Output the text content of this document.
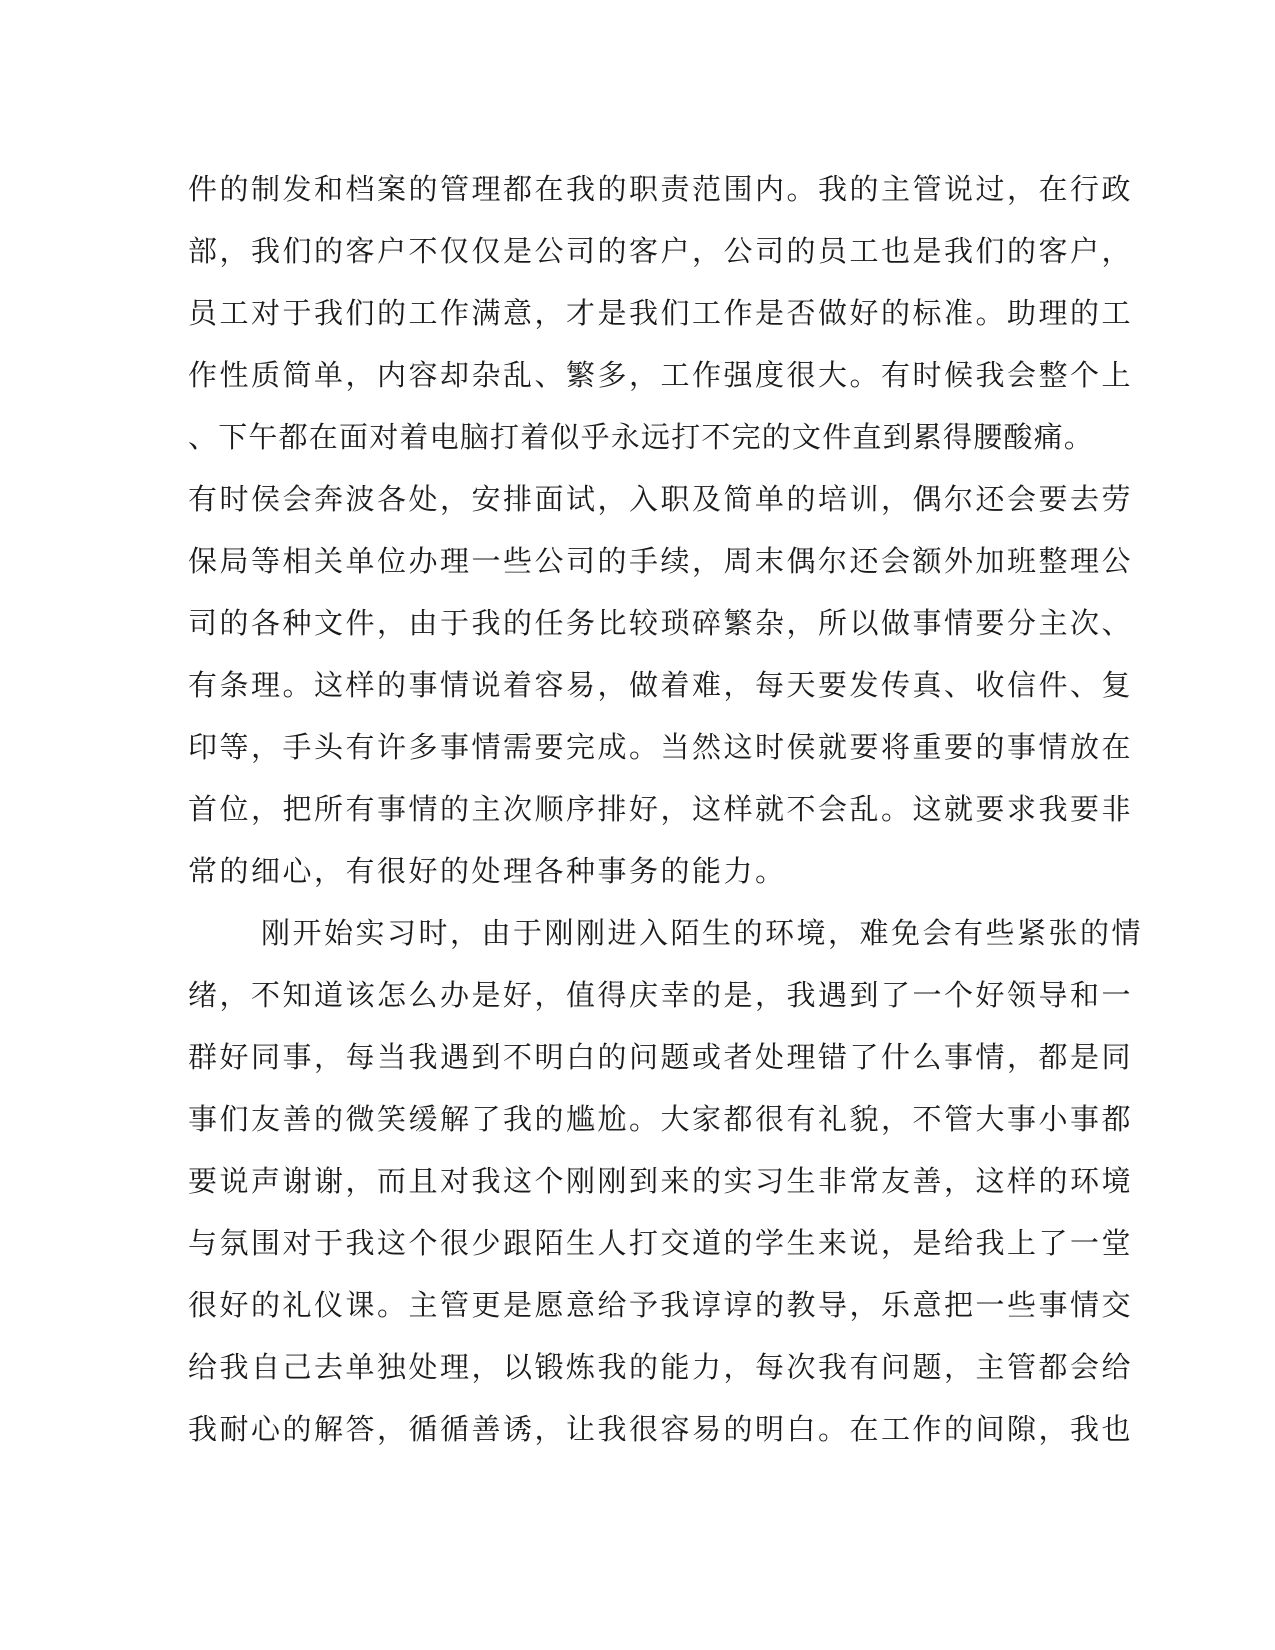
件的制发和档案的管理都在我的职责范围内。我的主管说过，在行政
部，我们的客户不仅仅是公司的客户，公司的员工也是我们的客户，
员工对于我们的工作满意，才是我们工作是否做好的标准。助理的工
作性质简单，内容却杂乱、繁多，工作强度很大。有时候我会整个上
、下午都在面对着电脑打着似乎永远打不完的文件直到累得腰酸痛。
有时侯会奔波各处，安排面试，入职及简单的培训，偶尔还会要去劳
保局等相关单位办理一些公司的手续，周末偶尔还会额外加班整理公
司的各种文件，由于我的任务比较琐碎繁杂，所以做事情要分主次、
有条理。这样的事情说着容易，做着难，每天要发传真、收信件、复
印等，手头有许多事情需要完成。当然这时侯就要将重要的事情放在
首位，把所有事情的主次顺序排好，这样就不会乱。这就要求我要非
常的细心，有很好的处理各种事务的能力。
刚开始实习时，由于刚刚进入陌生的环境，难免会有些紧张的情
绪，不知道该怎么办是好，值得庆幸的是，我遇到了一个好领导和一
群好同事，每当我遇到不明白的问题或者处理错了什么事情，都是同
事们友善的微笑缓解了我的尴尬。大家都很有礼貌，不管大事小事都
要说声谢谢，而且对我这个刚刚到来的实习生非常友善，这样的环境
与氛围对于我这个很少跟陌生人打交道的学生来说，是给我上了一堂
很好的礼仪课。主管更是愿意给予我谆谆的教导，乐意把一些事情交
给我自己去单独处理，以锻炼我的能力，每次我有问题，主管都会给
我耐心的解答，循循善诱，让我很容易的明白。在工作的间隙，我也
